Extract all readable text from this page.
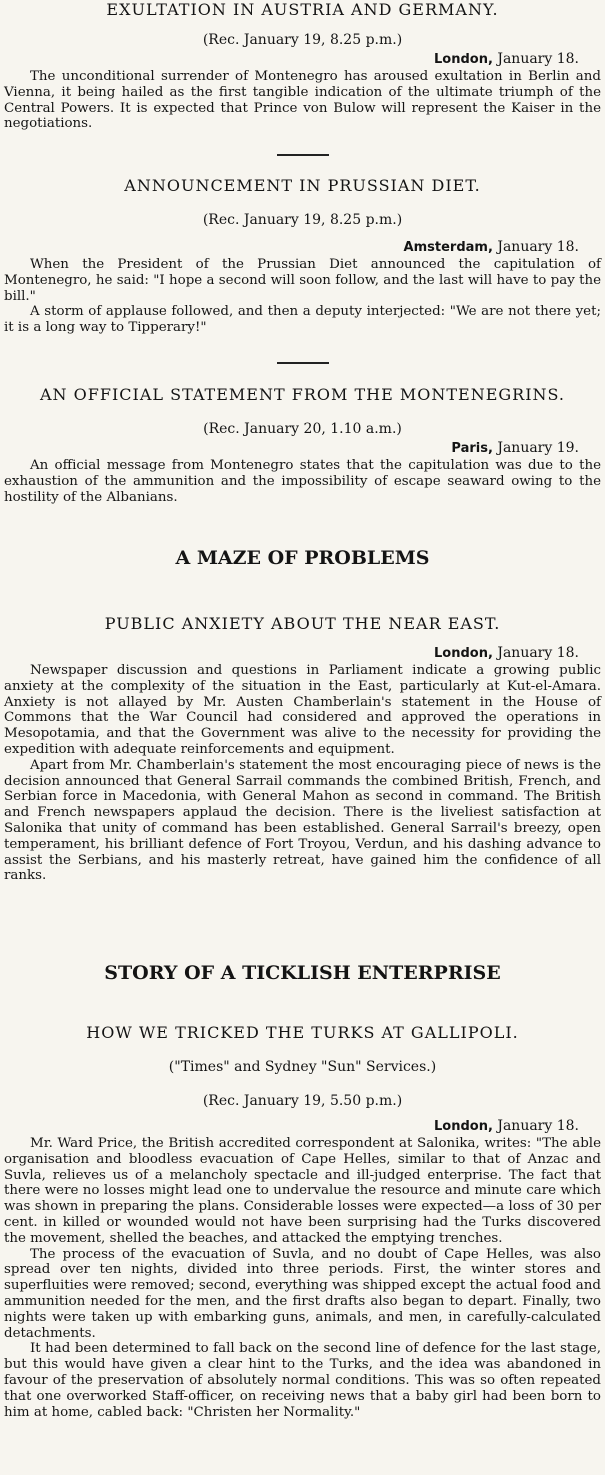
EXULTATION IN AUSTRIA AND GERMANY.
(Rec. January 19, 8.25 p.m.)
London, January 18.

The unconditional surrender of Montenegro has aroused exultation in Berlin and Vienna, it being hailed as the first tangible indication of the ultimate triumph of the Central Powers. It is expected that Prince von Bulow will represent the Kaiser in the negotiations.

ANNOUNCEMENT IN PRUSSIAN DIET.
(Rec. January 19, 8.25 p.m.)
Amsterdam, January 18.

When the President of the Prussian Diet announced the capitulation of Montenegro, he said: "I hope a second will soon follow, and the last will have to pay the bill."

A storm of applause followed, and then a deputy interjected: "We are not there yet; it is a long way to Tipperary!"

AN OFFICIAL STATEMENT FROM THE MONTENEGRINS.
(Rec. January 20, 1.10 a.m.)
Paris, January 19.

An official message from Montenegro states that the capitulation was due to the exhaustion of the ammunition and the impossibility of escape seaward owing to the hostility of the Albanians.

A MAZE OF PROBLEMS
PUBLIC ANXIETY ABOUT THE NEAR EAST.
London, January 18.

Newspaper discussion and questions in Parliament indicate a growing public anxiety at the complexity of the situation in the East, particularly at Kut-el-Amara. Anxiety is not allayed by Mr. Austen Chamberlain's statement in the House of Commons that the War Council had considered and approved the operations in Mesopotamia, and that the Government was alive to the necessity for providing the expedition with adequate reinforcements and equipment.

Apart from Mr. Chamberlain's statement the most encouraging piece of news is the decision announced that General Sarrail commands the combined British, French, and Serbian force in Macedonia, with General Mahon as second in command. The British and French newspapers applaud the decision. There is the liveliest satisfaction at Salonika that unity of command has been established. General Sarrail's breezy, open temperament, his brilliant defence of Fort Troyou, Verdun, and his dashing advance to assist the Serbians, and his masterly retreat, have gained him the confidence of all ranks.

STORY OF A TICKLISH ENTERPRISE
HOW WE TRICKED THE TURKS AT GALLIPOLI.
("Times" and Sydney "Sun" Services.)
(Rec. January 19, 5.50 p.m.)
London, January 18.

Mr. Ward Price, the British accredited correspondent at Salonika, writes: "The able organisation and bloodless evacuation of Cape Helles, similar to that of Anzac and Suvla, relieves us of a melancholy spectacle and ill-judged enterprise. The fact that there were no losses might lead one to undervalue the resource and minute care which was shown in preparing the plans. Considerable losses were expected—a loss of 30 per cent. in killed or wounded would not have been surprising had the Turks discovered the movement, shelled the beaches, and attacked the emptying trenches.

The process of the evacuation of Suvla, and no doubt of Cape Helles, was also spread over ten nights, divided into three periods. First, the winter stores and superfluities were removed; second, everything was shipped except the actual food and ammunition needed for the men, and the first drafts also began to depart. Finally, two nights were taken up with embarking guns, animals, and men, in carefully-calculated detachments.

It had been determined to fall back on the second line of defence for the last stage, but this would have given a clear hint to the Turks, and the idea was abandoned in favour of the preservation of absolutely normal conditions. This was so often repeated that one overworked Staff-officer, on receiving news that a baby girl had been born to him at home, cabled back: "Christen her Normality."
